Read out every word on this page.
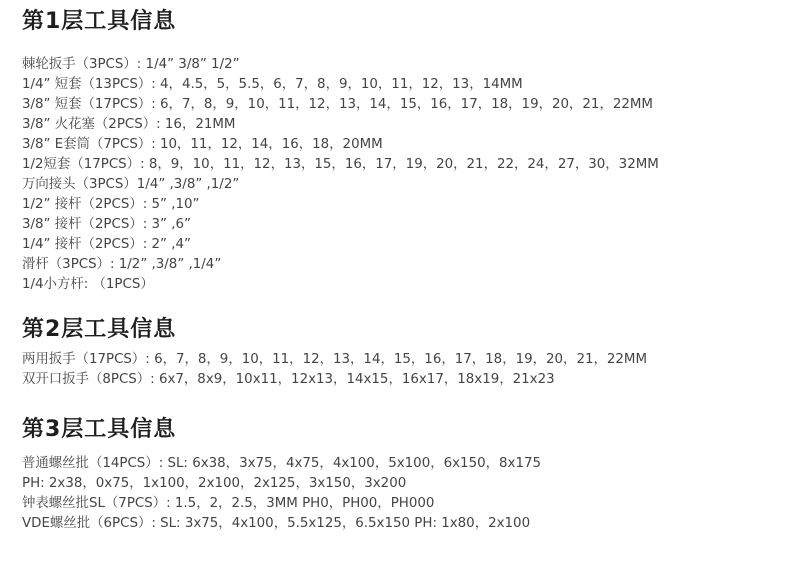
第1层工具信息
棘轮扳手（3PCS）: 1/4” 3/8” 1/2”
1/4” 短套（13PCS）: 4，4.5，5，5.5，6，7，8，9，10，11，12，13，14MM
3/8” 短套（17PCS）: 6，7，8，9，10，11，12，13，14，15，16，17，18，19，20，21，22MM
3/8” 火花塞（2PCS）: 16，21MM
3/8” E套筒（7PCS）: 10，11，12，14，16，18，20MM
1/2短套（17PCS）: 8，9，10，11，12，13，15，16，17，19，20，21，22，24，27，30，32MM
万向接头（3PCS）1/4” ,3/8” ,1/2”
1/2” 接杆（2PCS）: 5” ,10”
3/8” 接杆（2PCS）: 3” ,6”
1/4” 接杆（2PCS）: 2” ,4”
滑杆（3PCS）: 1/2” ,3/8” ,1/4”
1/4小方杆: （1PCS）
第2层工具信息
两用扳手（17PCS）: 6，7，8，9，10，11，12，13，14，15，16，17，18，19，20，21，22MM
双开口扳手（8PCS）: 6x7，8x9，10x11，12x13，14x15，16x17，18x19，21x23
第3层工具信息
普通螺丝批（14PCS）: SL: 6x38，3x75，4x75，4x100，5x100，6x150，8x175
PH: 2x38，0x75，1x100，2x100，2x125，3x150，3x200
钟表螺丝批SL（7PCS）: 1.5，2，2.5，3MM PH0，PH00，PH000
VDE螺丝批（6PCS）: SL: 3x75，4x100，5.5x125，6.5x150 PH: 1x80，2x100
